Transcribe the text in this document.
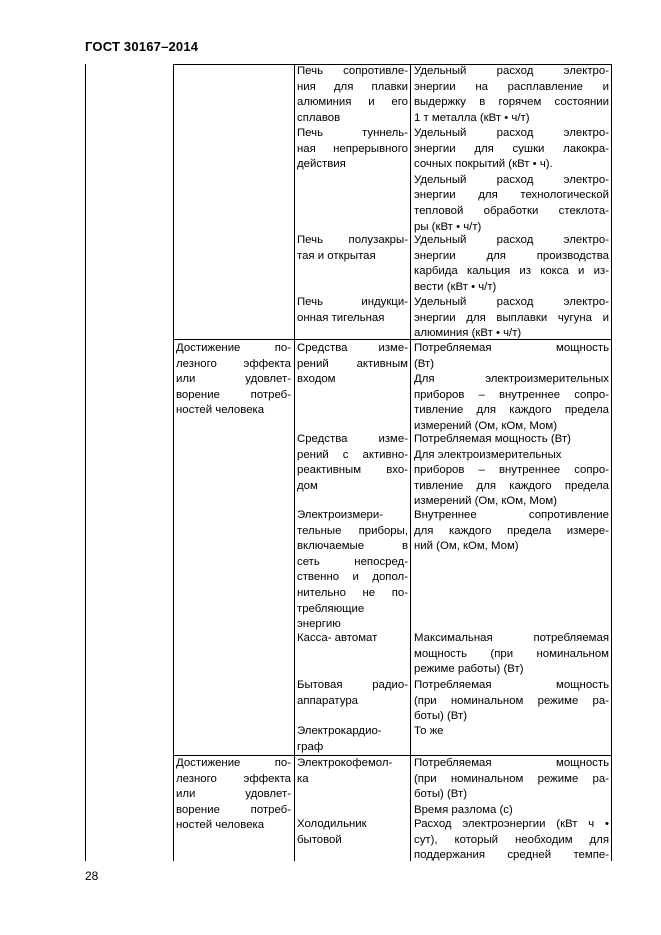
ГОСТ 30167–2014
Печь сопротивле-
ния для плавки
алюминия и его
сплавов
Удельный расход электро-
энергии на расплавление и
выдержку в горячем состоянии
1 т металла (кВт • ч/т)
Печь туннель-
ная непрерывного
действия
Удельный расход электро-
энергии для сушки лакокра-
сочных покрытий (кВт • ч).
Удельный расход электро-
энергии для технологической
тепловой обработки стеклота-
ры (кВт • ч/т)
Печь полузакры-
тая и открытая
Удельный расход электро-
энергии для производства
карбида кальция из кокса и из-
вести (кВт • ч/т)
Печь индукци-
онная тигельная
Удельный расход электро-
энергии для выплавки чугуна и
алюминия (кВт • ч/т)
Достижение по-
лезного эффекта
или удовлет-
ворение потреб-
ностей человека
Средства изме-
рений активным
входом
Потребляемая мощность
(Вт)
Для электроизмерительных
приборов – внутреннее сопро-
тивление для каждого предела
измерений (Ом, кОм, Мом)
Средства изме-
рений с активно-
реактивным вхо-
дом
Потребляемая мощность (Вт)
Для электроизмерительных
приборов – внутреннее сопро-
тивление для каждого предела
измерений (Ом, кОм, Мом)
Электроизмери-
тельные приборы,
включаемые в
сеть непосред-
ственно и допол-
нительно не по-
требляющие
энергию
Внутреннее сопротивление
для каждого предела измере-
ний (Ом, кОм, Мом)
Касса- автомат	Максимальная потребляемая
мощность (при номинальном
режиме работы) (Вт)
Бытовая радио-
аппаратура
Потребляемая мощность
(при номинальном режиме ра-
боты) (Вт)
Электрокардио-
граф
То же
Достижение по-
лезного эффекта
или удовлет-
ворение потреб-
ностей человека
Электрокофемол-
ка
Потребляемая мощность
(при номинальном режиме ра-
боты) (Вт)
Время разлома (с)
Холодильник
бытовой
Расход электроэнергии (кВт ч •
сут), который необходим для
поддержания средней темпе-
28
